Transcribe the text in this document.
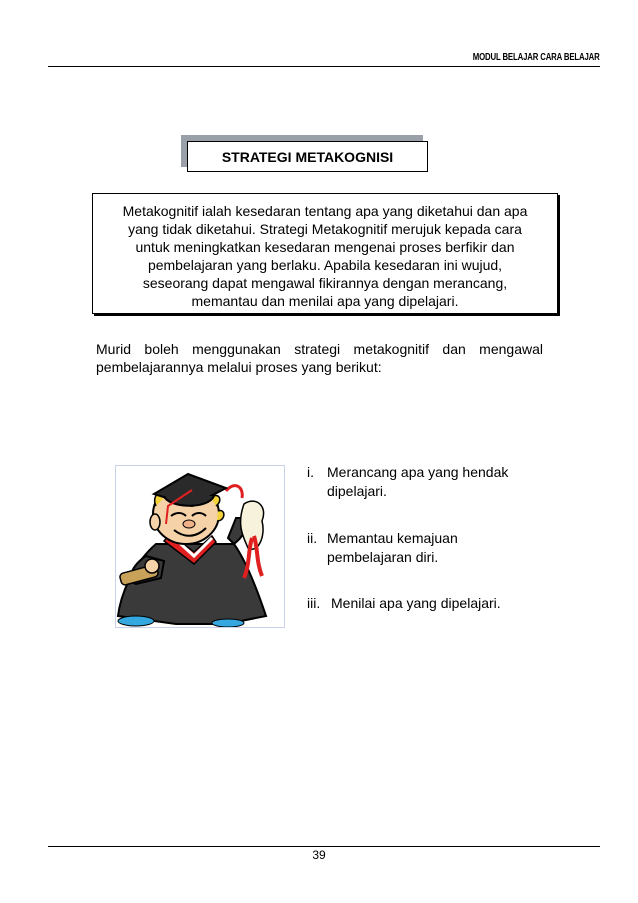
MODUL BELAJAR CARA BELAJAR
STRATEGI METAKOGNISI
Metakognitif ialah kesedaran tentang apa yang diketahui dan apa
yang tidak diketahui. Strategi Metakognitif merujuk kepada cara
untuk meningkatkan kesedaran mengenai proses berfikir dan
pembelajaran yang berlaku. Apabila kesedaran ini wujud,
seseorang dapat mengawal fikirannya dengan merancang,
memantau dan menilai apa yang dipelajari.
Murid boleh menggunakan strategi metakognitif dan mengawal
pembelajarannya melalui proses yang berikut:
i. Merancang apa yang hendak
dipelajari.
ii. Memantau kemajuan
pembelajaran diri.
iii. Menilai apa yang dipelajari.
39
